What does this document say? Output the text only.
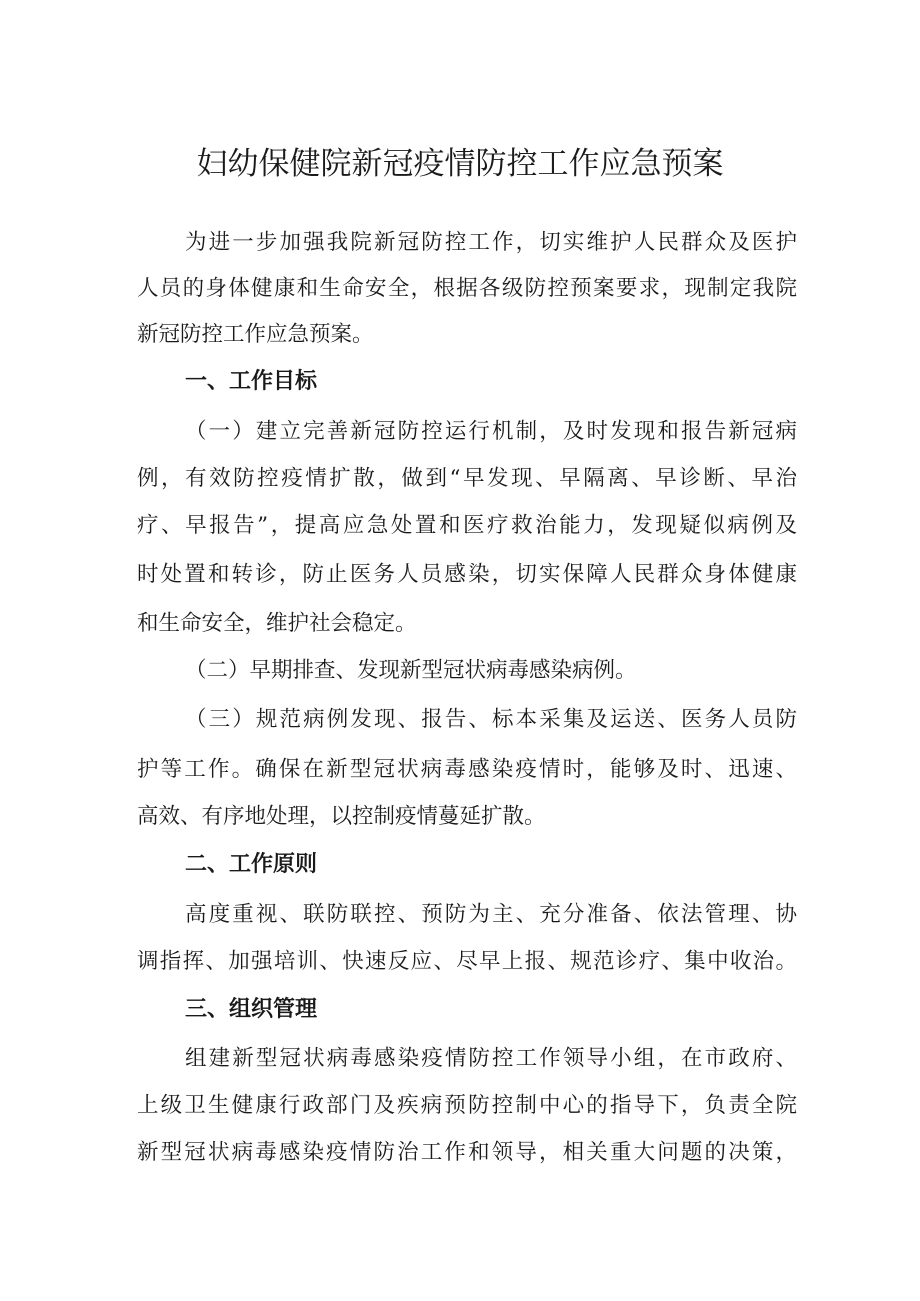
妇幼保健院新冠疫情防控工作应急预案

为进一步加强我院新冠防控工作，切实维护人民群众及医护

人员的身体健康和生命安全，根据各级防控预案要求，现制定我院

新冠防控工作应急预案。

一、工作目标

（一）建立完善新冠防控运行机制，及时发现和报告新冠病

例，有效防控疫情扩散，做到“早发现、早隔离、早诊断、早治

疗、早报告”，提高应急处置和医疗救治能力，发现疑似病例及

时处置和转诊，防止医务人员感染，切实保障人民群众身体健康

和生命安全，维护社会稳定。

（二）早期排查、发现新型冠状病毒感染病例。

（三）规范病例发现、报告、标本采集及运送、医务人员防

护等工作。确保在新型冠状病毒感染疫情时，能够及时、迅速、

高效、有序地处理，以控制疫情蔓延扩散。

二、工作原则

高度重视、联防联控、预防为主、充分准备、依法管理、协

调指挥、加强培训、快速反应、尽早上报、规范诊疗、集中收治。

三、组织管理

组建新型冠状病毒感染疫情防控工作领导小组，在市政府、

上级卫生健康行政部门及疾病预防控制中心的指导下，负责全院

新型冠状病毒感染疫情防治工作和领导，相关重大问题的决策，
